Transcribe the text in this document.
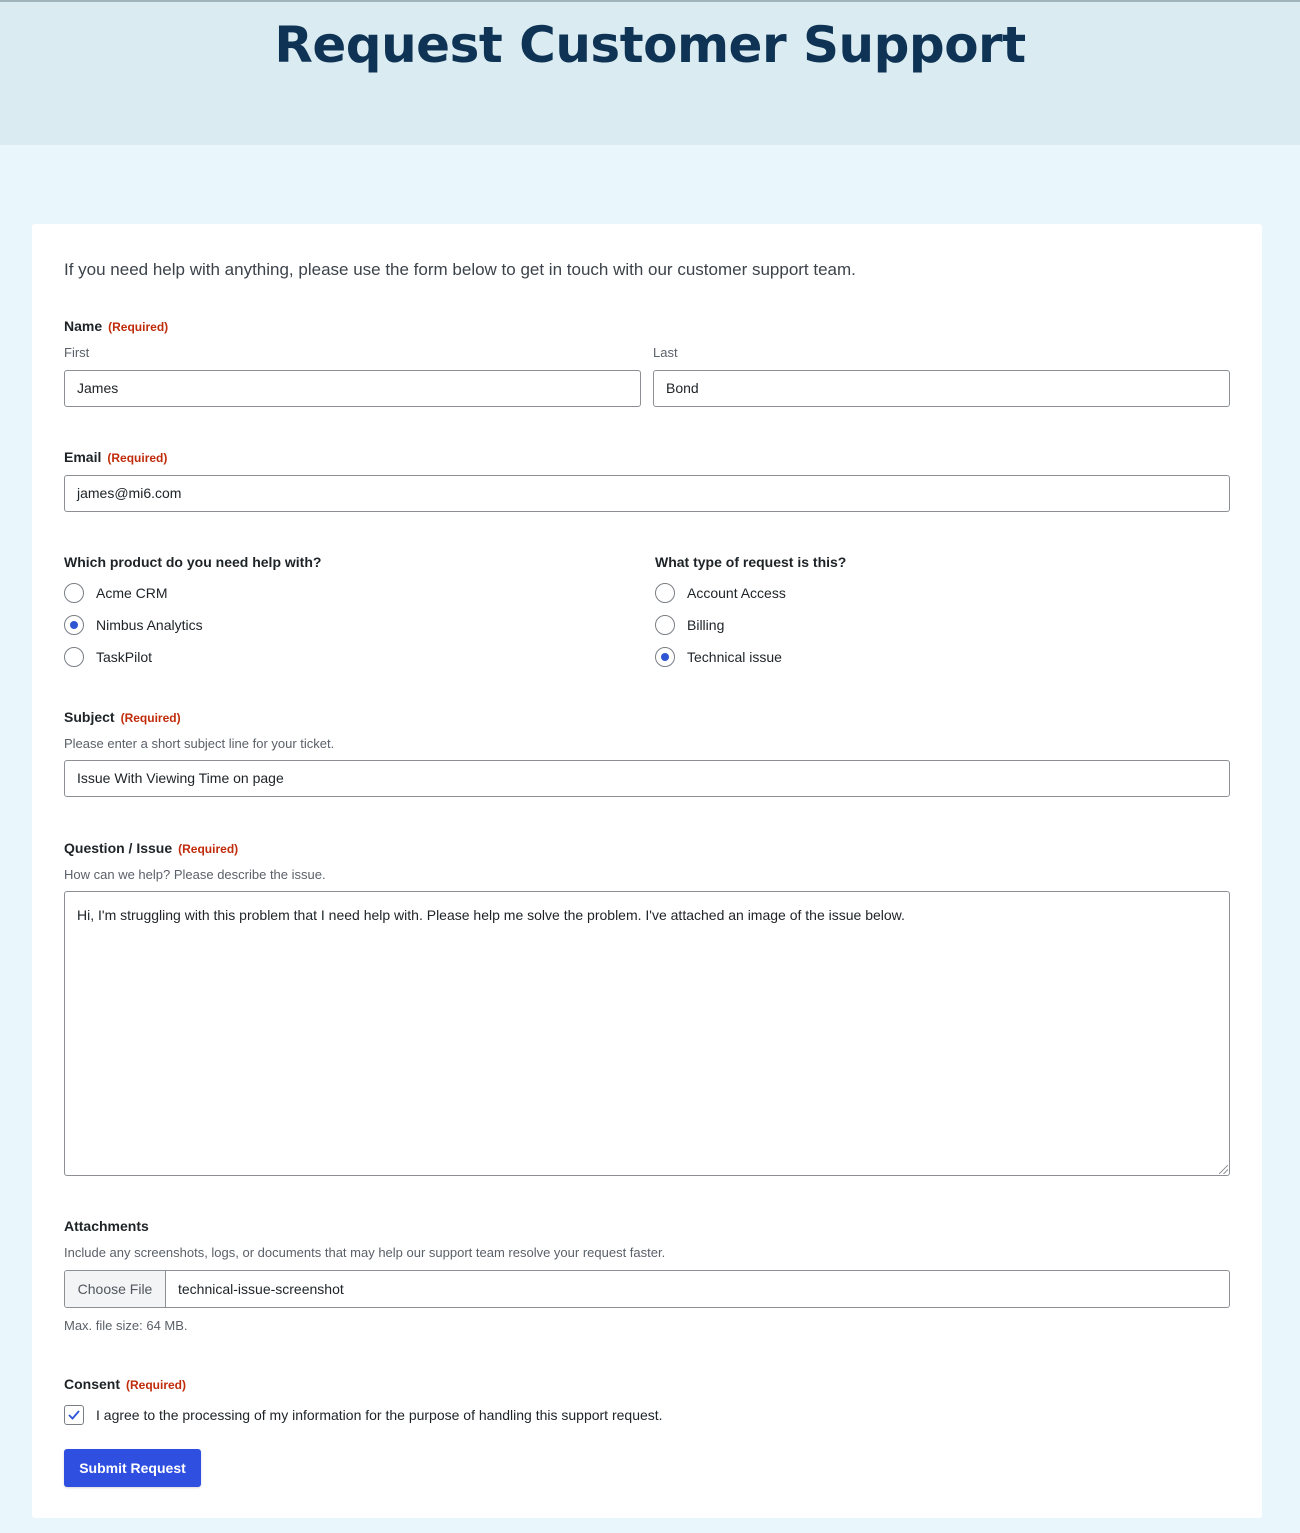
Request Customer Support
If you need help with anything, please use the form below to get in touch with our customer support team.
Name (Required)
First
James
Last
Bond
Email (Required)
james@mi6.com
Which product do you need help with?
Acme CRM
Nimbus Analytics
TaskPilot
What type of request is this?
Account Access
Billing
Technical issue
Subject (Required)
Please enter a short subject line for your ticket.
Issue With Viewing Time on page
Question / Issue (Required)
How can we help? Please describe the issue.
Hi, I'm struggling with this problem that I need help with. Please help me solve the problem. I've attached an image of the issue below.
Attachments
Include any screenshots, logs, or documents that may help our support team resolve your request faster.
Choose File	technical-issue-screenshot
Max. file size: 64 MB.
Consent (Required)
I agree to the processing of my information for the purpose of handling this support request.
Submit Request
